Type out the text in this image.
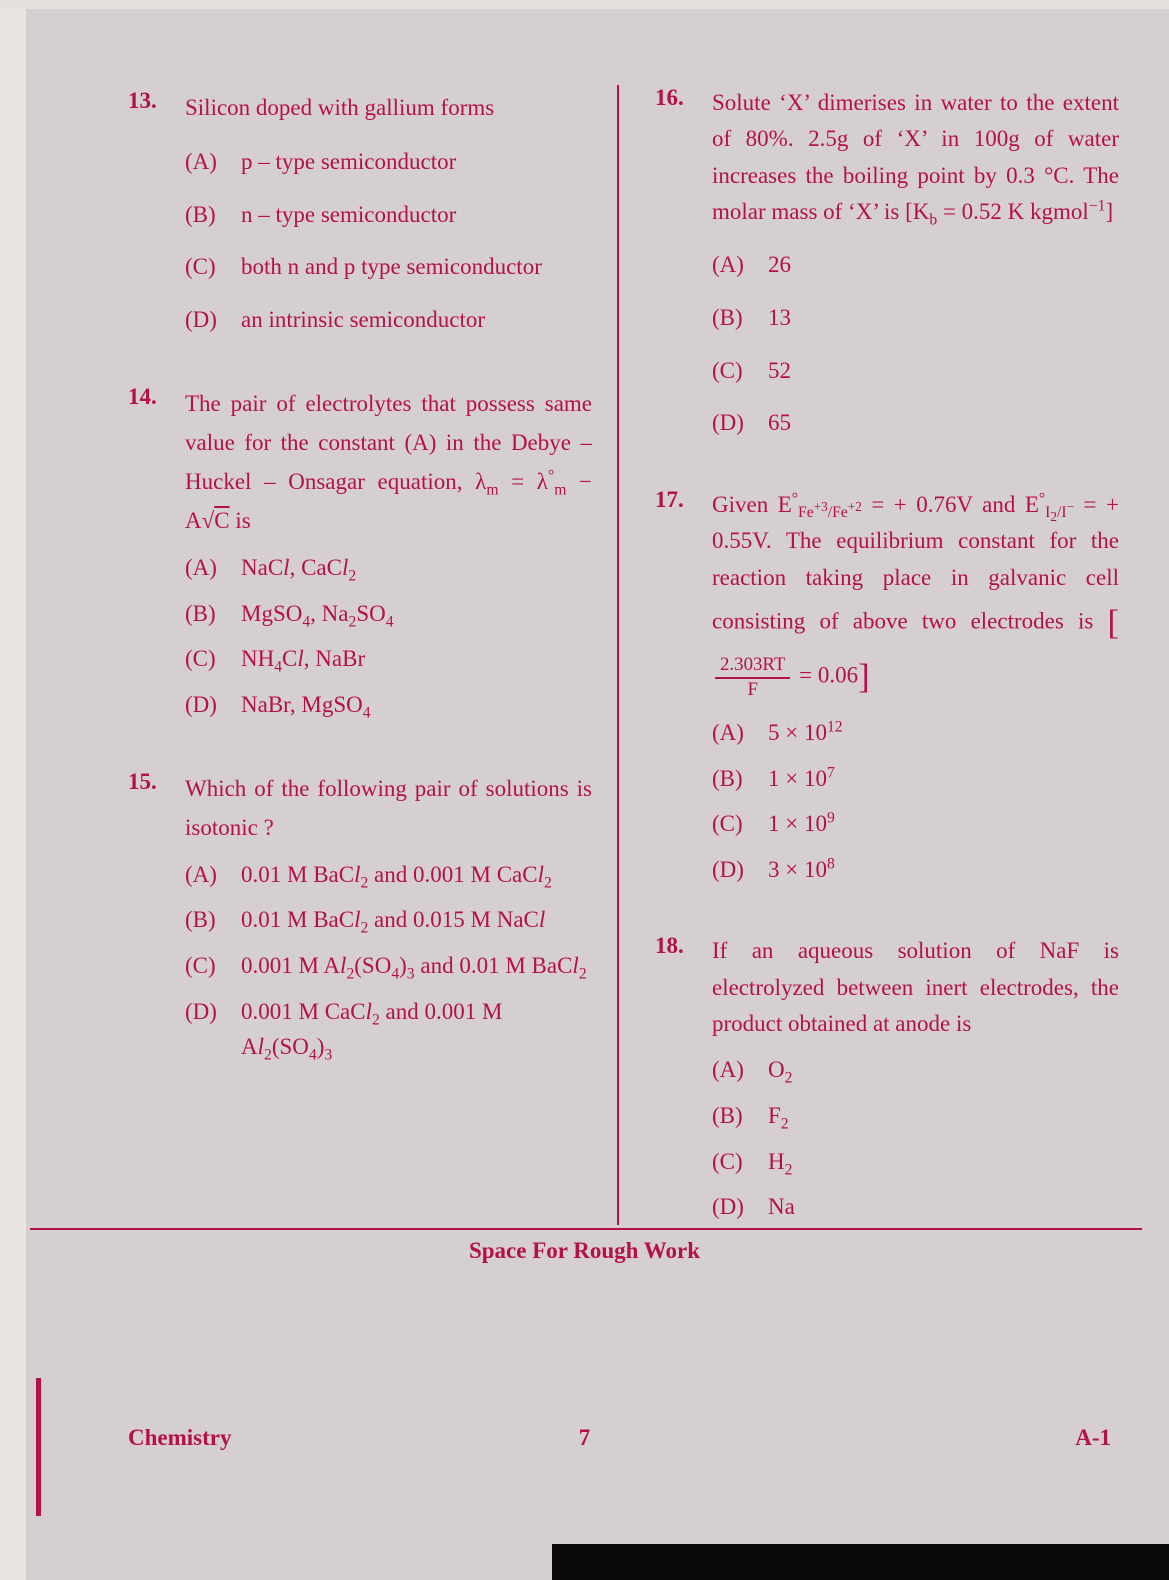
13.	Silicon doped with gallium forms
(A)	p – type semiconductor
(B)	n – type semiconductor
(C)	both n and p type semiconductor
(D)	an intrinsic semiconductor
14.	The pair of electrolytes that possess same value for the constant (A) in the Debye – Huckel – Onsagar equation, $\lambda_m = \lambda^\circ_m - A√C$ is
(A)	NaCl, CaCl$_2$
(B)	MgSO$_4$, $Na_2SO_4$
(C)	$NH_4Cl$, NaBr
(D)	NaBr, MgSO$_4$
15.	Which of the following pair of solutions is isotonic ?
(A)	0.01 M BaCl$_2$ and 0.001 M CaCl$_2$
(B)	0.01 M BaCl$_2$ and 0.015 M NaCl
(C)	0.001 M $Al_2(SO_4)_3$ and 0.01 M BaCl$_2$
(D)	0.001 M CaCl$_2$ and 0.001 M $Al_2(SO_4)_3$
16.	Solute ‘X’ dimerises in water to the extent of 80%. 2.5g of ‘X’ in 100g of water increases the boiling point by 0.3 °C. The molar mass of ‘X’ is [$K_b = 0.52$ K kgmol$^{-1}$]
(A)	26
(B)	13
(C)	52
(D)	65
17.	Given $E^\circ_{Fe^{+3}/Fe^{+2}}$ = + 0.76V and $E^\circ_{I_2/I^-}$ = + 0.55V. The equilibrium constant for the reaction taking place in galvanic cell consisting of above two electrodes is [
$\frac{2.303RT}{F} = 0.06$]
(A)	$5 \times 10^{12}$
(B)	$1 \times 10^7$
(C)	$1 \times 10^9$
(D)	$3 \times 10^8$
18.	If an aqueous solution of NaF is electrolyzed between inert electrodes, the product obtained at anode is
(A)	$O_2$
(B)	$F_2$
(C)	$H_2$
(D)	Na
Space For Rough Work
Chemistry	7	A-1
